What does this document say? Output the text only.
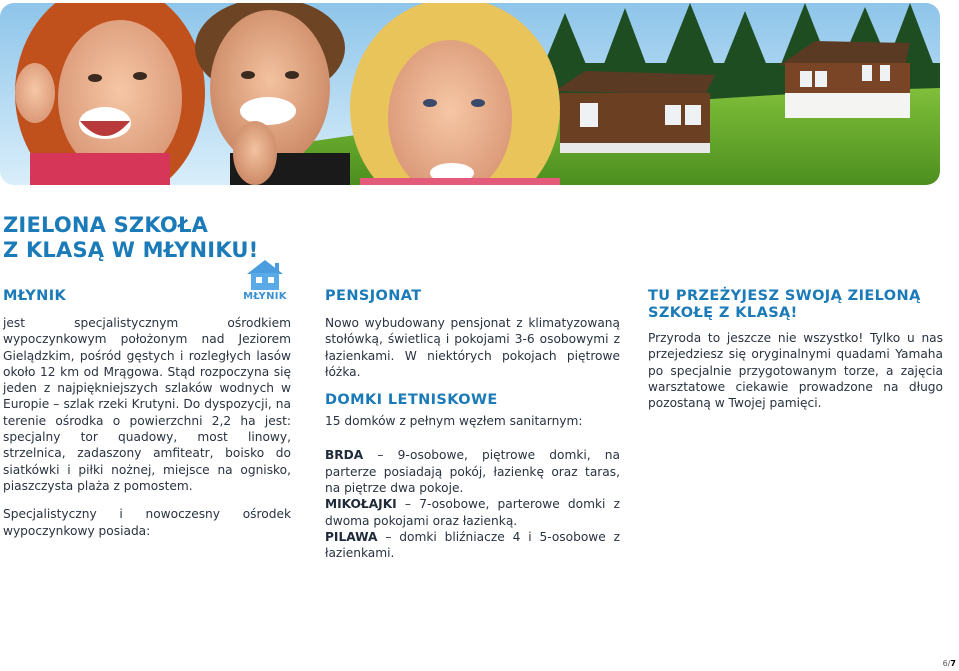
ZIELONA SZKOŁA
Z KLASĄ W MŁYNIKU!
MŁYNIK
MŁYNIK

jest specjalistycznym ośrodkiem wypoczynkowym położonym nad Jeziorem Gielądzkim, pośród gęstych i rozległych lasów około 12 km od Mrągowa. Stąd rozpoczyna się jeden z najpiękniejszych szlaków wodnych w Europie – szlak rzeki Krutyni. Do dyspozycji, na terenie ośrodka o powierzchni 2,2 ha jest: specjalny tor quadowy, most linowy, strzelnica, zadaszony amfiteatr, boisko do siatkówki i piłki nożnej, miejsce na ognisko, piaszczysta plaża z pomostem.

Specjalistyczny i nowoczesny ośrodek wypoczynkowy posiada:

PENSJONAT

Nowo wybudowany pensjonat z klimatyzowaną stołówką, świetlicą i pokojami 3-6 osobowymi z łazienkami. W niektórych pokojach piętrowe łóżka.

DOMKI LETNISKOWE

15 domków z pełnym węzłem sanitarnym:

BRDA – 9-osobowe, piętrowe domki, na parterze posiadają pokój, łazienkę oraz taras, na piętrze dwa pokoje.

MIKOŁAJKI – 7-osobowe, parterowe domki z dwoma pokojami oraz łazienką.

PILAWA – domki bliźniacze 4 i 5-osobowe z łazienkami.

TU PRZEŻYJESZ SWOJĄ ZIELONĄ SZKOŁĘ Z KLASĄ!

Przyroda to jeszcze nie wszystko! Tylko u nas przejedziesz się oryginalnymi quadami Yamaha po specjalnie przygotowanym torze, a zajęcia warsztatowe ciekawie prowadzone na długo pozostaną w Twojej pamięci.

6/7
